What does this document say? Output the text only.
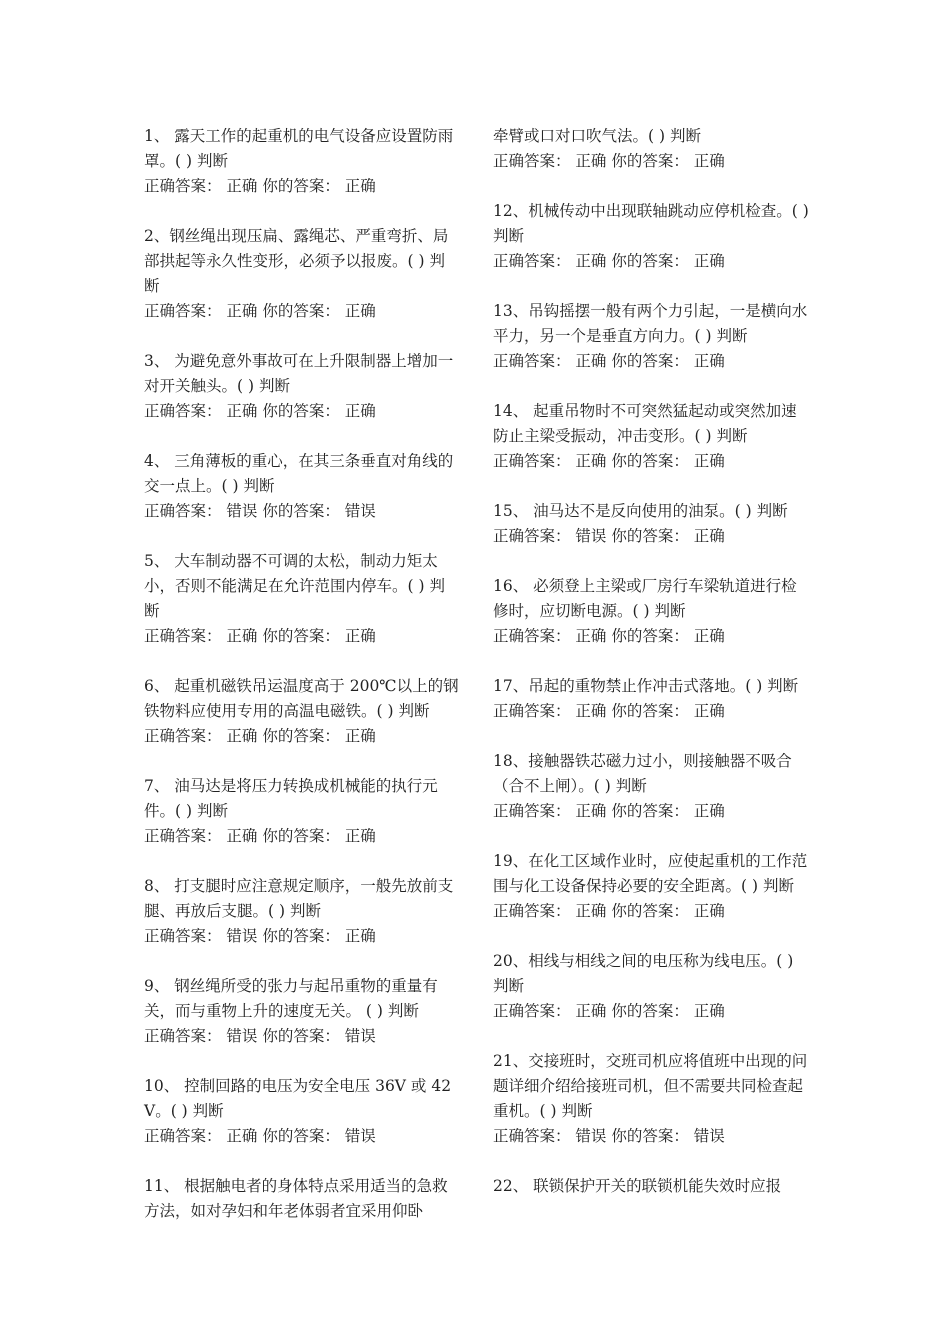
1、 露天工作的起重机的电气设备应设置防雨罩。( ) 判断
正确答案： 正确 你的答案： 正确
2、钢丝绳出现压扁、露绳芯、严重弯折、局部拱起等永久性变形，必须予以报废。( ) 判断
正确答案： 正确 你的答案： 正确
3、 为避免意外事故可在上升限制器上增加一对开关触头。( ) 判断
正确答案： 正确 你的答案： 正确
4、 三角薄板的重心，在其三条垂直对角线的交一点上。( ) 判断
正确答案： 错误 你的答案： 错误
5、 大车制动器不可调的太松，制动力矩太小，否则不能满足在允许范围内停车。( ) 判断
正确答案： 正确 你的答案： 正确
6、 起重机磁铁吊运温度高于 200℃以上的钢铁物料应使用专用的高温电磁铁。( ) 判断
正确答案： 正确 你的答案： 正确
7、 油马达是将压力转换成机械能的执行元件。( ) 判断
正确答案： 正确 你的答案： 正确
8、 打支腿时应注意规定顺序，一般先放前支腿、再放后支腿。( ) 判断
正确答案： 错误 你的答案： 正确
9、 钢丝绳所受的张力与起吊重物的重量有关，而与重物上升的速度无关。 ( ) 判断
正确答案： 错误 你的答案： 错误
10、 控制回路的电压为安全电压 36V 或 42V。( ) 判断
正确答案： 正确 你的答案： 错误
11、 根据触电者的身体特点采用适当的急救方法，如对孕妇和年老体弱者宜采用仰卧
牵臂或口对口吹气法。( ) 判断
正确答案： 正确 你的答案： 正确
12、机械传动中出现联轴跳动应停机检查。( ) 判断
正确答案： 正确 你的答案： 正确
13、吊钩摇摆一般有两个力引起，一是横向水平力，另一个是垂直方向力。( ) 判断
正确答案： 正确 你的答案： 正确
14、 起重吊物时不可突然猛起动或突然加速防止主梁受振动，冲击变形。( ) 判断
正确答案： 正确 你的答案： 正确
15、 油马达不是反向使用的油泵。( ) 判断
正确答案： 错误 你的答案： 正确
16、 必须登上主梁或厂房行车梁轨道进行检修时，应切断电源。( ) 判断
正确答案： 正确 你的答案： 正确
17、吊起的重物禁止作冲击式落地。( ) 判断
正确答案： 正确 你的答案： 正确
18、接触器铁芯磁力过小，则接触器不吸合（合不上闸）。( ) 判断
正确答案： 正确 你的答案： 正确
19、在化工区域作业时，应使起重机的工作范围与化工设备保持必要的安全距离。( ) 判断
正确答案： 正确 你的答案： 正确
20、相线与相线之间的电压称为线电压。( ) 判断
正确答案： 正确 你的答案： 正确
21、交接班时，交班司机应将值班中出现的问题详细介绍给接班司机，但不需要共同检查起重机。( ) 判断
正确答案： 错误 你的答案： 错误
22、 联锁保护开关的联锁机能失效时应报
